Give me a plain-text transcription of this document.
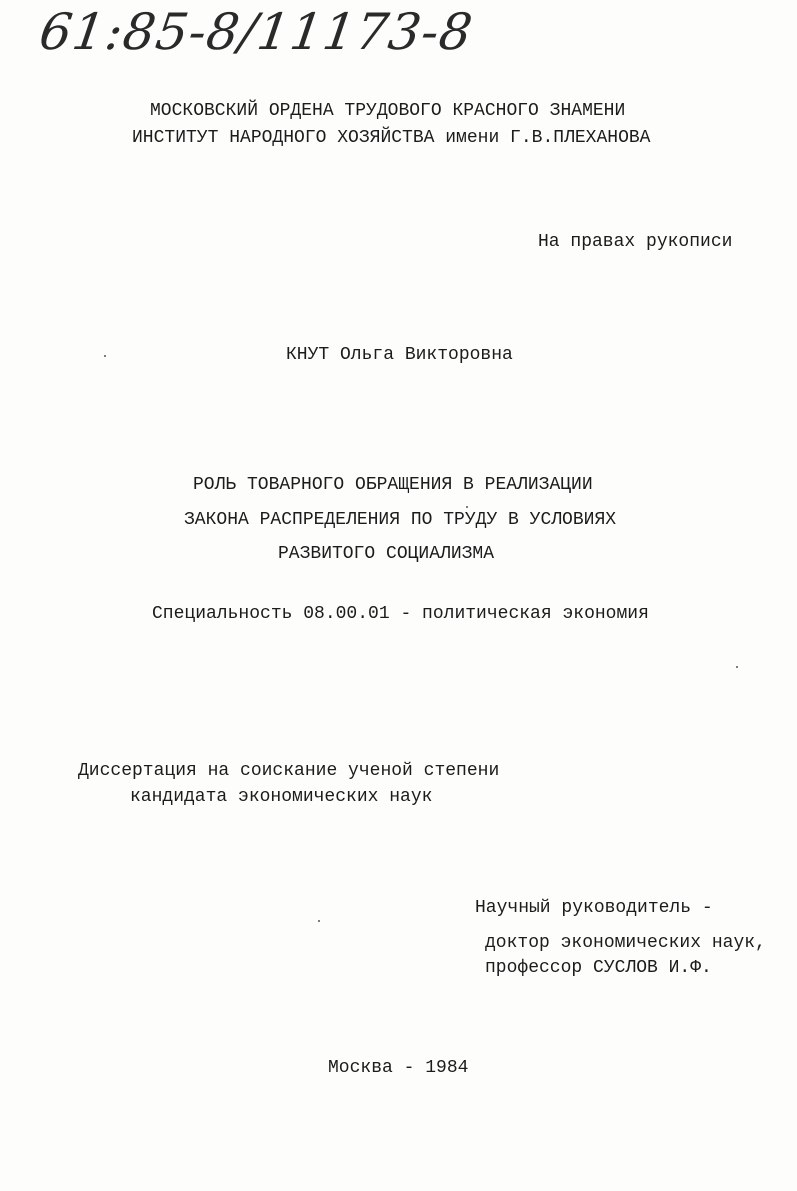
61:85-8/11173-8
МОСКОВСКИЙ ОРДЕНА ТРУДОВОГО КРАСНОГО ЗНАМЕНИ
ИНСТИТУТ НАРОДНОГО ХОЗЯЙСТВА имени Г.В.ПЛЕХАНОВА
На правах рукописи
КНУТ Ольга Викторовна
РОЛЬ ТОВАРНОГО ОБРАЩЕНИЯ В РЕАЛИЗАЦИИ
ЗАКОНА РАСПРЕДЕЛЕНИЯ ПО ТРУДУ В УСЛОВИЯХ
РАЗВИТОГО СОЦИАЛИЗМА
Специальность 08.00.01 - политическая экономия
Диссертация на соискание ученой степени
кандидата экономических наук
Научный руководитель -
доктор экономических наук,
профессор СУСЛОВ И.Ф.
Москва - 1984
